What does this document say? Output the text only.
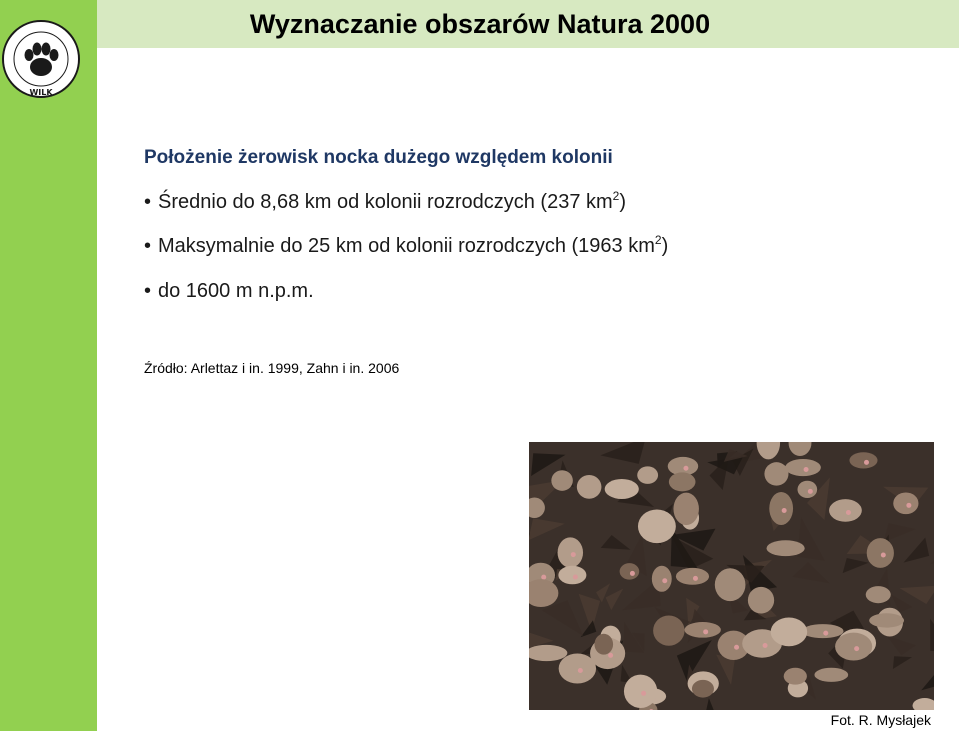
WILK
Wyznaczanie obszarów Natura 2000
Położenie żerowisk nocka dużego względem kolonii
• Średnio do 8,68 km od kolonii rozrodczych (237 $km^2$)
• Maksymalnie do 25 km od kolonii rozrodczych (1963 $km^2$)
• do 1600 m n.p.m.
Źródło: Arlettaz i in. 1999, Zahn i in. 2006
Fot. R. Mysłajek
